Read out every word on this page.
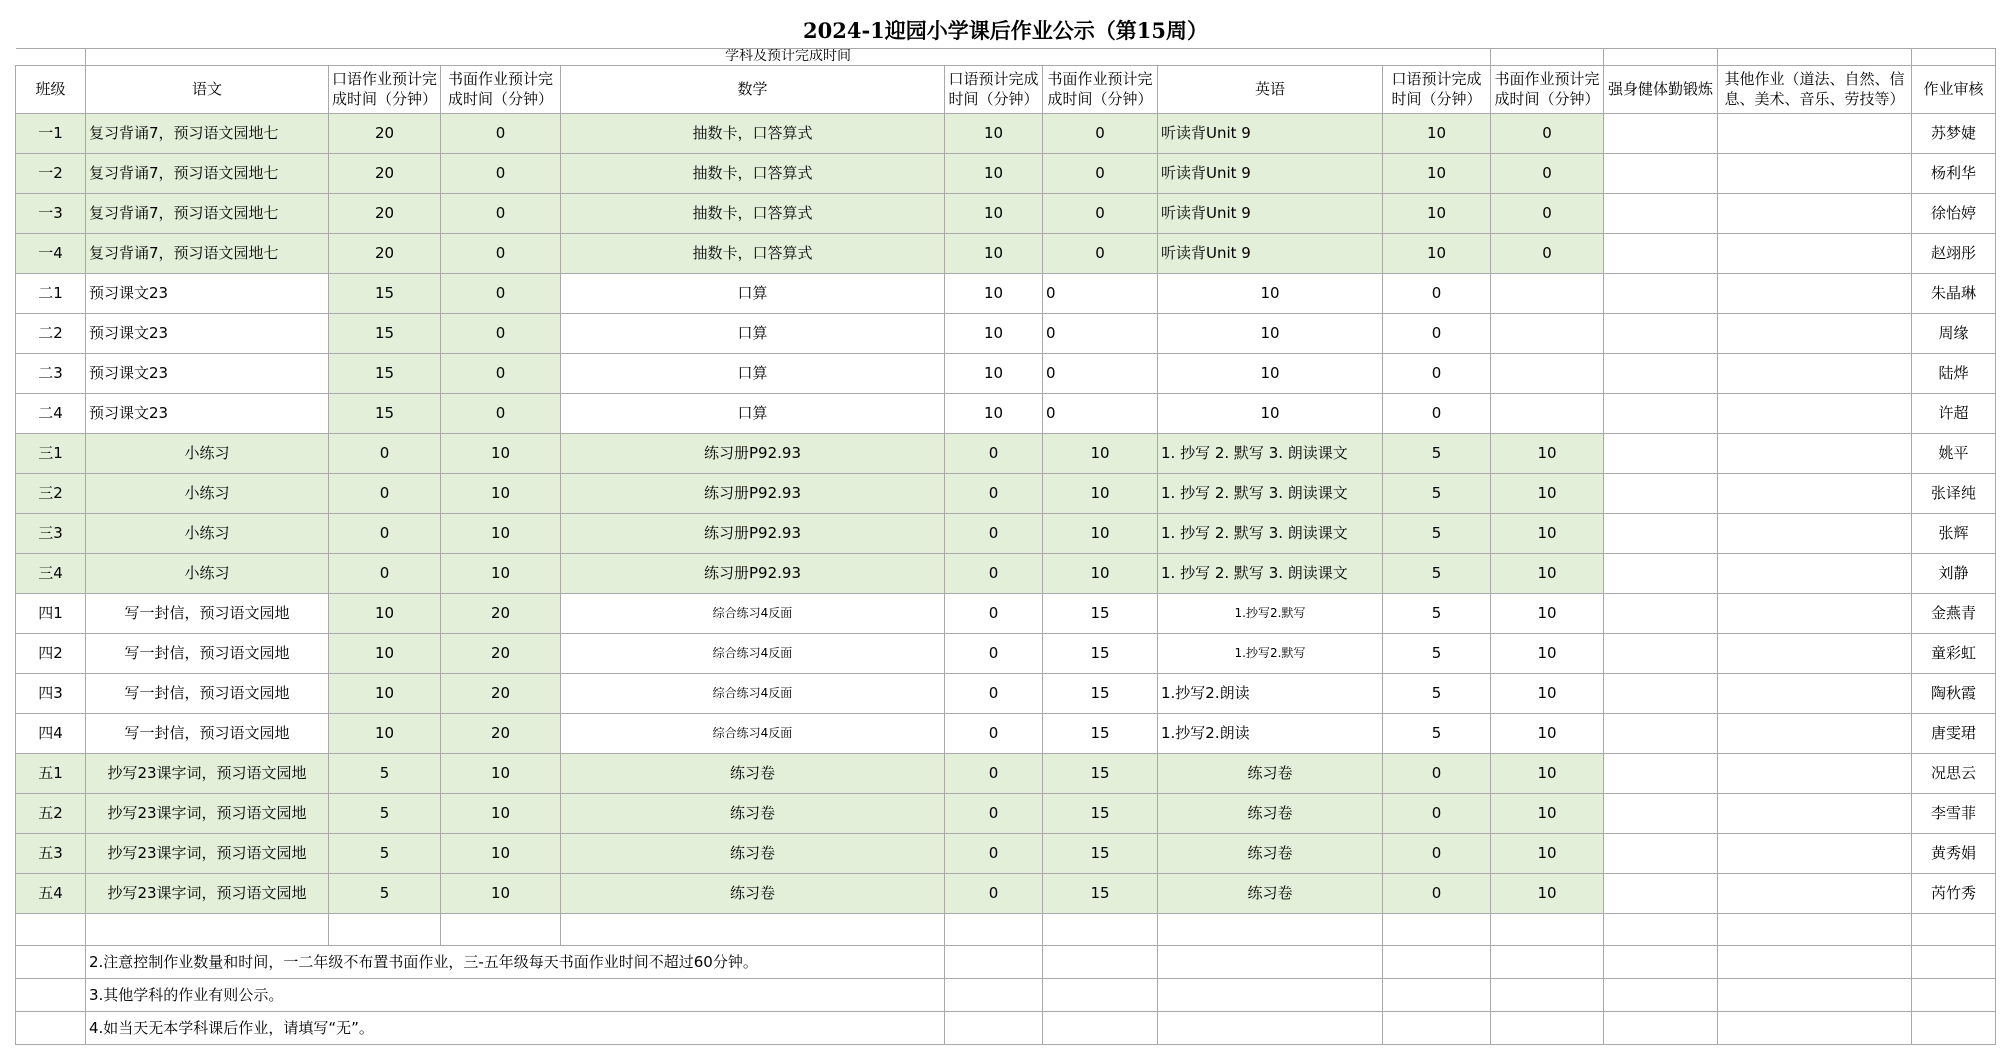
2024-1迎园小学课后作业公示（第15周）												
	学科及预计完成时间											
班级	语文	口语作业预计完成时间（分钟）	书面作业预计完成时间（分钟）	数学	口语预计完成时间（分钟）	书面作业预计完成时间（分钟）	英语	口语预计完成时间（分钟）	书面作业预计完成时间（分钟）	强身健体勤锻炼	其他作业（道法、自然、信息、美术、音乐、劳技等）	作业审核
一1	复习背诵7，预习语文园地七	20	0	抽数卡，口答算式	10	0	听读背Unit 9	10	0			苏梦婕
一2	复习背诵7，预习语文园地七	20	0	抽数卡，口答算式	10	0	听读背Unit 9	10	0			杨利华
一3	复习背诵7，预习语文园地七	20	0	抽数卡，口答算式	10	0	听读背Unit 9	10	0			徐怡婷
一4	复习背诵7，预习语文园地七	20	0	抽数卡，口答算式	10	0	听读背Unit 9	10	0			赵翊彤
二1	预习课文23	15	0	口算	10	0	10	0				朱晶琳
二2	预习课文23	15	0	口算	10	0	10	0				周缘
二3	预习课文23	15	0	口算	10	0	10	0				陆烨
二4	预习课文23	15	0	口算	10	0	10	0				许超
三1	小练习	0	10	练习册P92.93	0	10	1. 抄写 2. 默写 3. 朗读课文	5	10			姚平
三2	小练习	0	10	练习册P92.93	0	10	1. 抄写 2. 默写 3. 朗读课文	5	10			张译纯
三3	小练习	0	10	练习册P92.93	0	10	1. 抄写 2. 默写 3. 朗读课文	5	10			张辉
三4	小练习	0	10	练习册P92.93	0	10	1. 抄写 2. 默写 3. 朗读课文	5	10			刘静
四1	写一封信，预习语文园地	10	20	综合练习4反面	0	15	1.抄写2.默写	5	10			金燕青
四2	写一封信，预习语文园地	10	20	综合练习4反面	0	15	1.抄写2.默写	5	10			童彩虹
四3	写一封信，预习语文园地	10	20	综合练习4反面	0	15	1.抄写2.朗读	5	10			陶秋霞
四4	写一封信，预习语文园地	10	20	综合练习4反面	0	15	1.抄写2.朗读	5	10			唐雯珺
五1	抄写23课字词，预习语文园地	5	10	练习卷	0	15	练习卷	0	10			况思云
五2	抄写23课字词，预习语文园地	5	10	练习卷	0	15	练习卷	0	10			李雪菲
五3	抄写23课字词，预习语文园地	5	10	练习卷	0	15	练习卷	0	10			黄秀娟
五4	抄写23课字词，预习语文园地	5	10	练习卷	0	15	练习卷	0	10			芮竹秀

	2.注意控制作业数量和时间，一二年级不布置书面作业，三-五年级每天书面作业时间不超过60分钟。											
	3.其他学科的作业有则公示。											
	4.如当天无本学科课后作业，请填写“无”。											
